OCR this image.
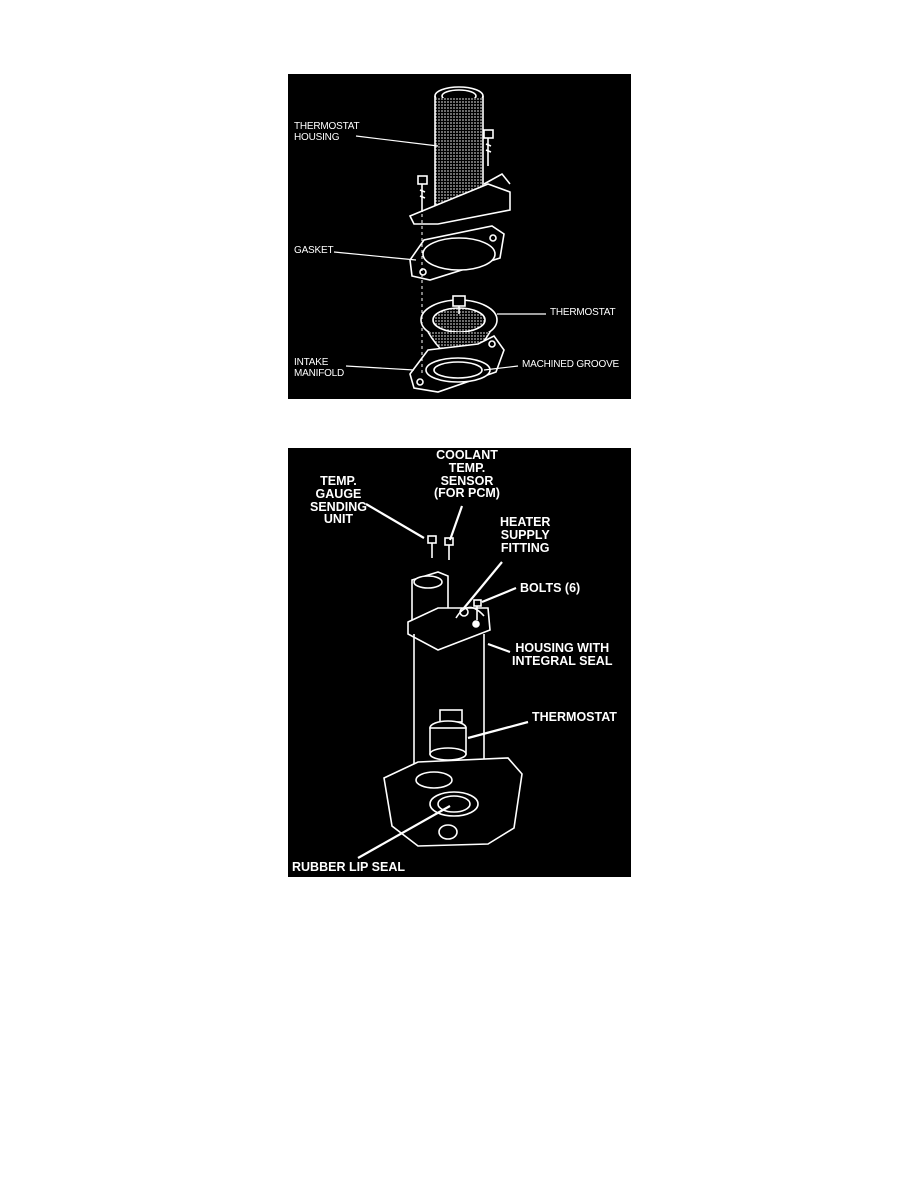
THERMOSTAT
HOUSING
GASKET
THERMOSTAT
INTAKE
MANIFOLD
MACHINED GROOVE
TEMP.
GAUGE
SENDING
UNIT
COOLANT
TEMP.
SENSOR
(FOR PCM)
HEATER
SUPPLY
FITTING
BOLTS (6)
HOUSING WITH
INTEGRAL SEAL
THERMOSTAT
RUBBER LIP SEAL
